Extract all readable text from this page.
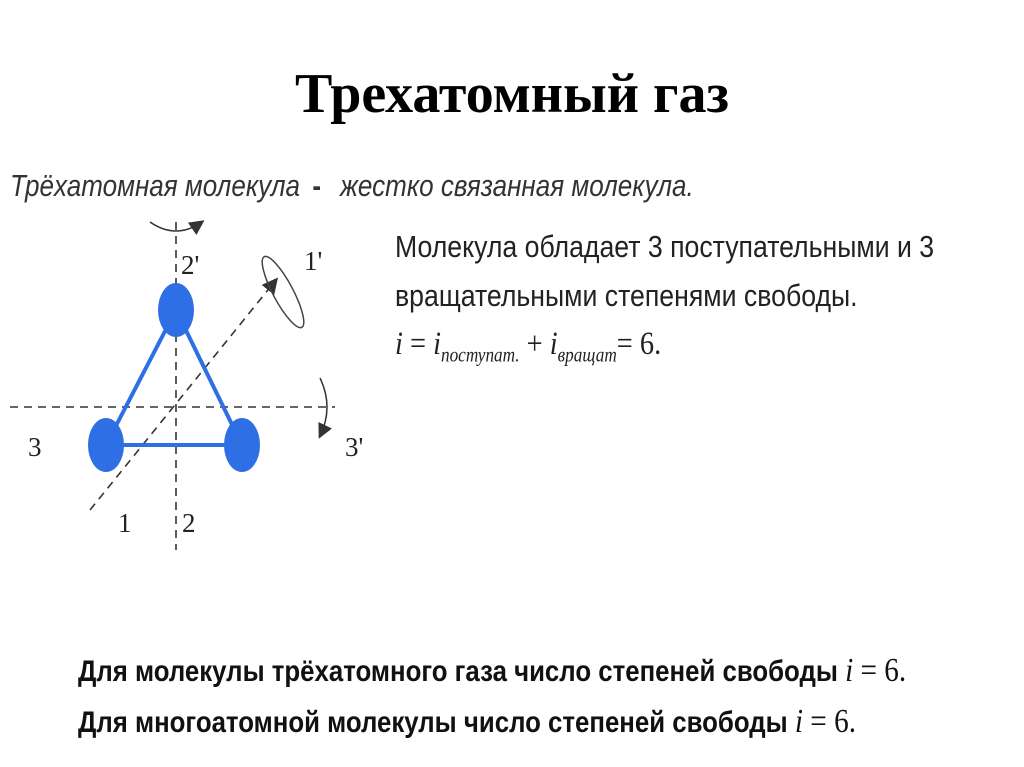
Трехатомный газ
Трёхатомная молекула - жестко связанная молекула.
Молекула обладает 3 поступательными и 3
вращательными степенями свободы.
$i = i_{поступат.} + i_{вращат}= 6$.
2'	1'
3	3'
1 2
Для молекулы трёхатомного газа число степеней свободы i = 6.
Для многоатомной молекулы число степеней свободы i = 6.
